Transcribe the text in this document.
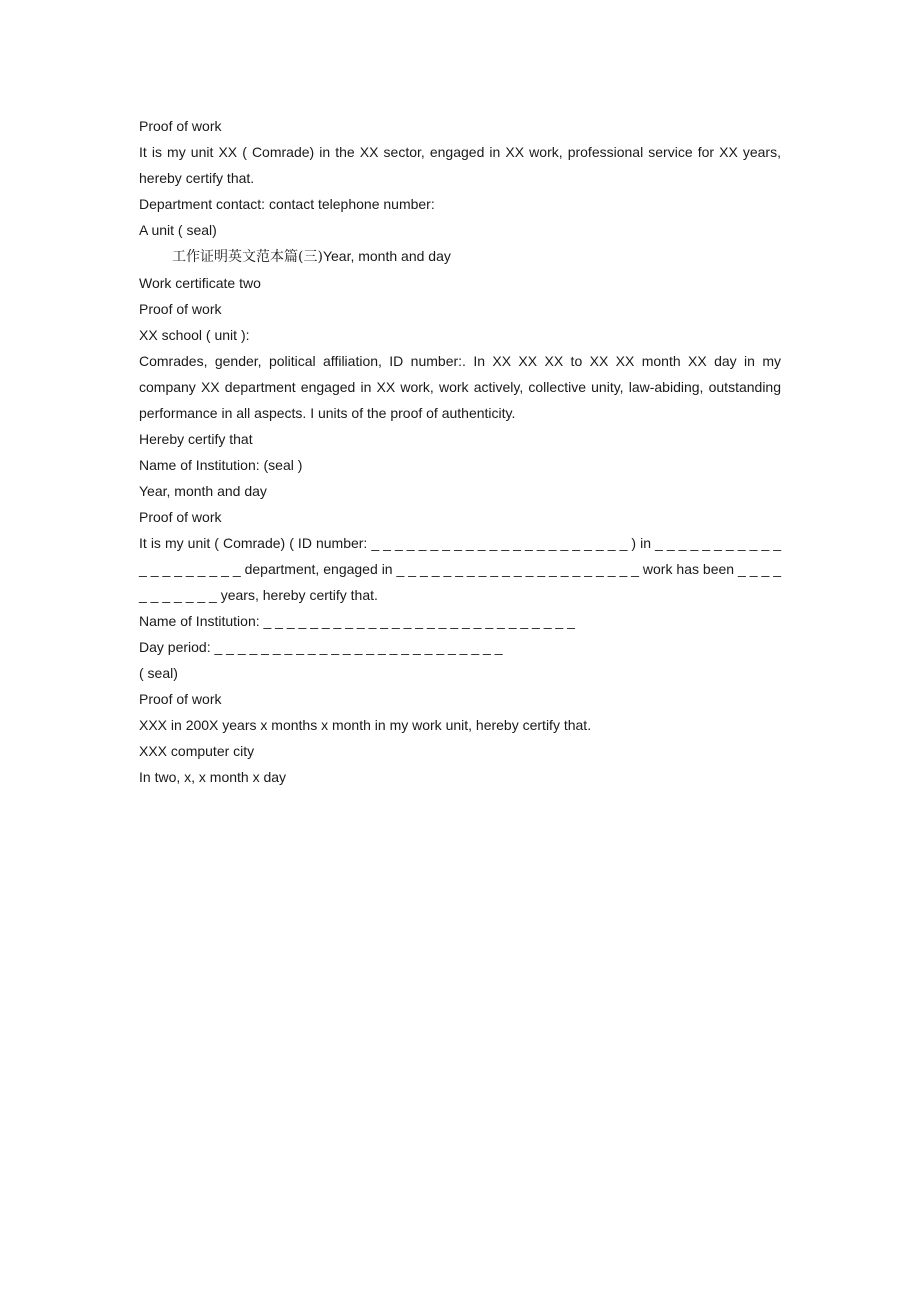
Proof of work

It is my unit XX ( Comrade) in the XX sector, engaged in XX work, professional service for XX years, hereby certify that.

Department contact: contact telephone number:

A unit ( seal)

工作证明英文范本篇(三)Year, month and day

Work certificate two

Proof of work

XX school ( unit ):

Comrades, gender, political affiliation, ID number:. In XX XX XX to XX XX month XX day in my company XX department engaged in XX work, work actively, collective unity, law-abiding, outstanding performance in all aspects. I units of the proof of authenticity.

Hereby certify that

Name of Institution: (seal )

Year, month and day

Proof of work

It is my unit ( Comrade) ( ID number: _ _ _ _ _ _ _ _ _ _ _ _ _ _ _ _ _ _ _ _ _ _ ) in _ _ _ _ _ _ _ _ _ _ _ _ _ _ _ _ _ _ _ _ department, engaged in _ _ _ _ _ _ _ _ _ _ _ _ _ _ _ _ _ _ _ _ _ work has been _ _ _ _ _ _ _ _ _ _ _ years, hereby certify that.

Name of Institution: _ _ _ _ _ _ _ _ _ _ _ _ _ _ _ _ _ _ _ _ _ _ _ _ _ _ _

Day period: _ _ _ _ _ _ _ _ _ _ _ _ _ _ _ _ _ _ _ _ _ _ _ _ _

( seal)

Proof of work

XXX in 200X years x months x month in my work unit, hereby certify that.

XXX computer city

In two, x, x month x day
